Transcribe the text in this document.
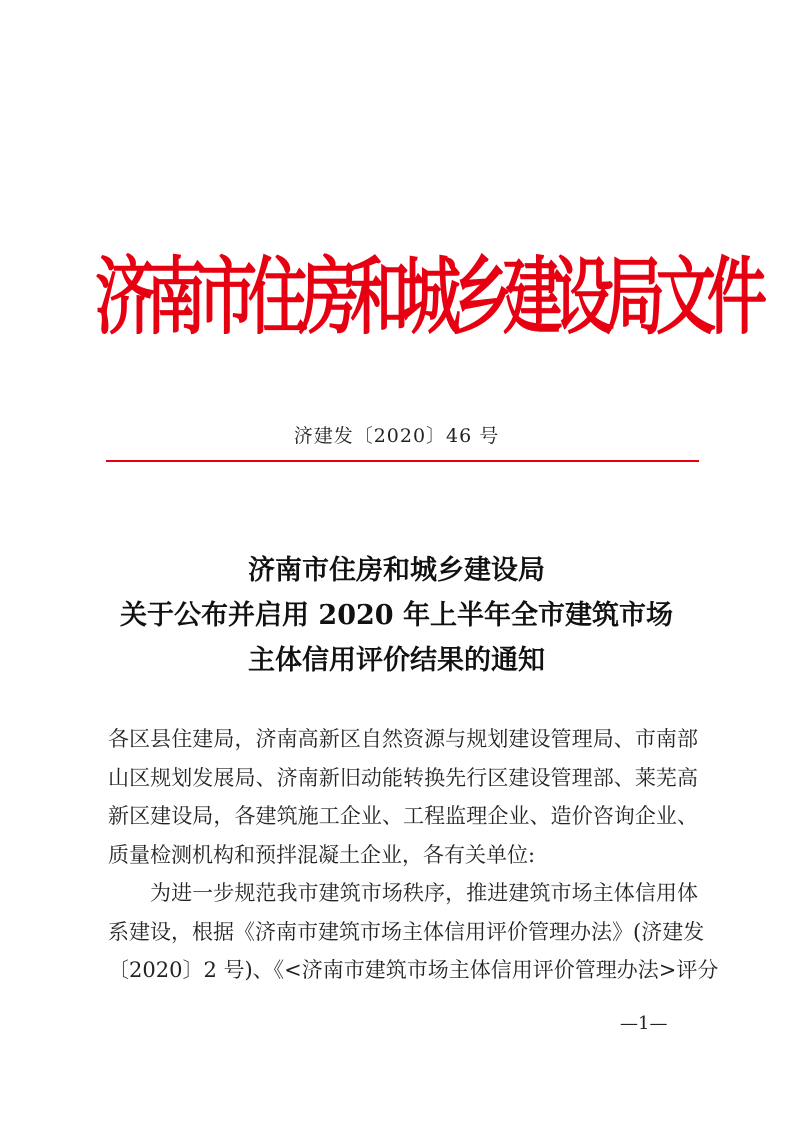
济南市住房和城乡建设局文件
济建发〔2020〕46 号
济南市住房和城乡建设局
关于公布并启用 2020 年上半年全市建筑市场
主体信用评价结果的通知
各区县住建局，济南高新区自然资源与规划建设管理局、市南部
山区规划发展局、济南新旧动能转换先行区建设管理部、莱芜高
新区建设局，各建筑施工企业、工程监理企业、造价咨询企业、
质量检测机构和预拌混凝土企业，各有关单位:
为进一步规范我市建筑市场秩序，推进建筑市场主体信用体
系建设，根据《济南市建筑市场主体信用评价管理办法》(济建发
〔2020〕2 号)、《<济南市建筑市场主体信用评价管理办法>评分
—1—
